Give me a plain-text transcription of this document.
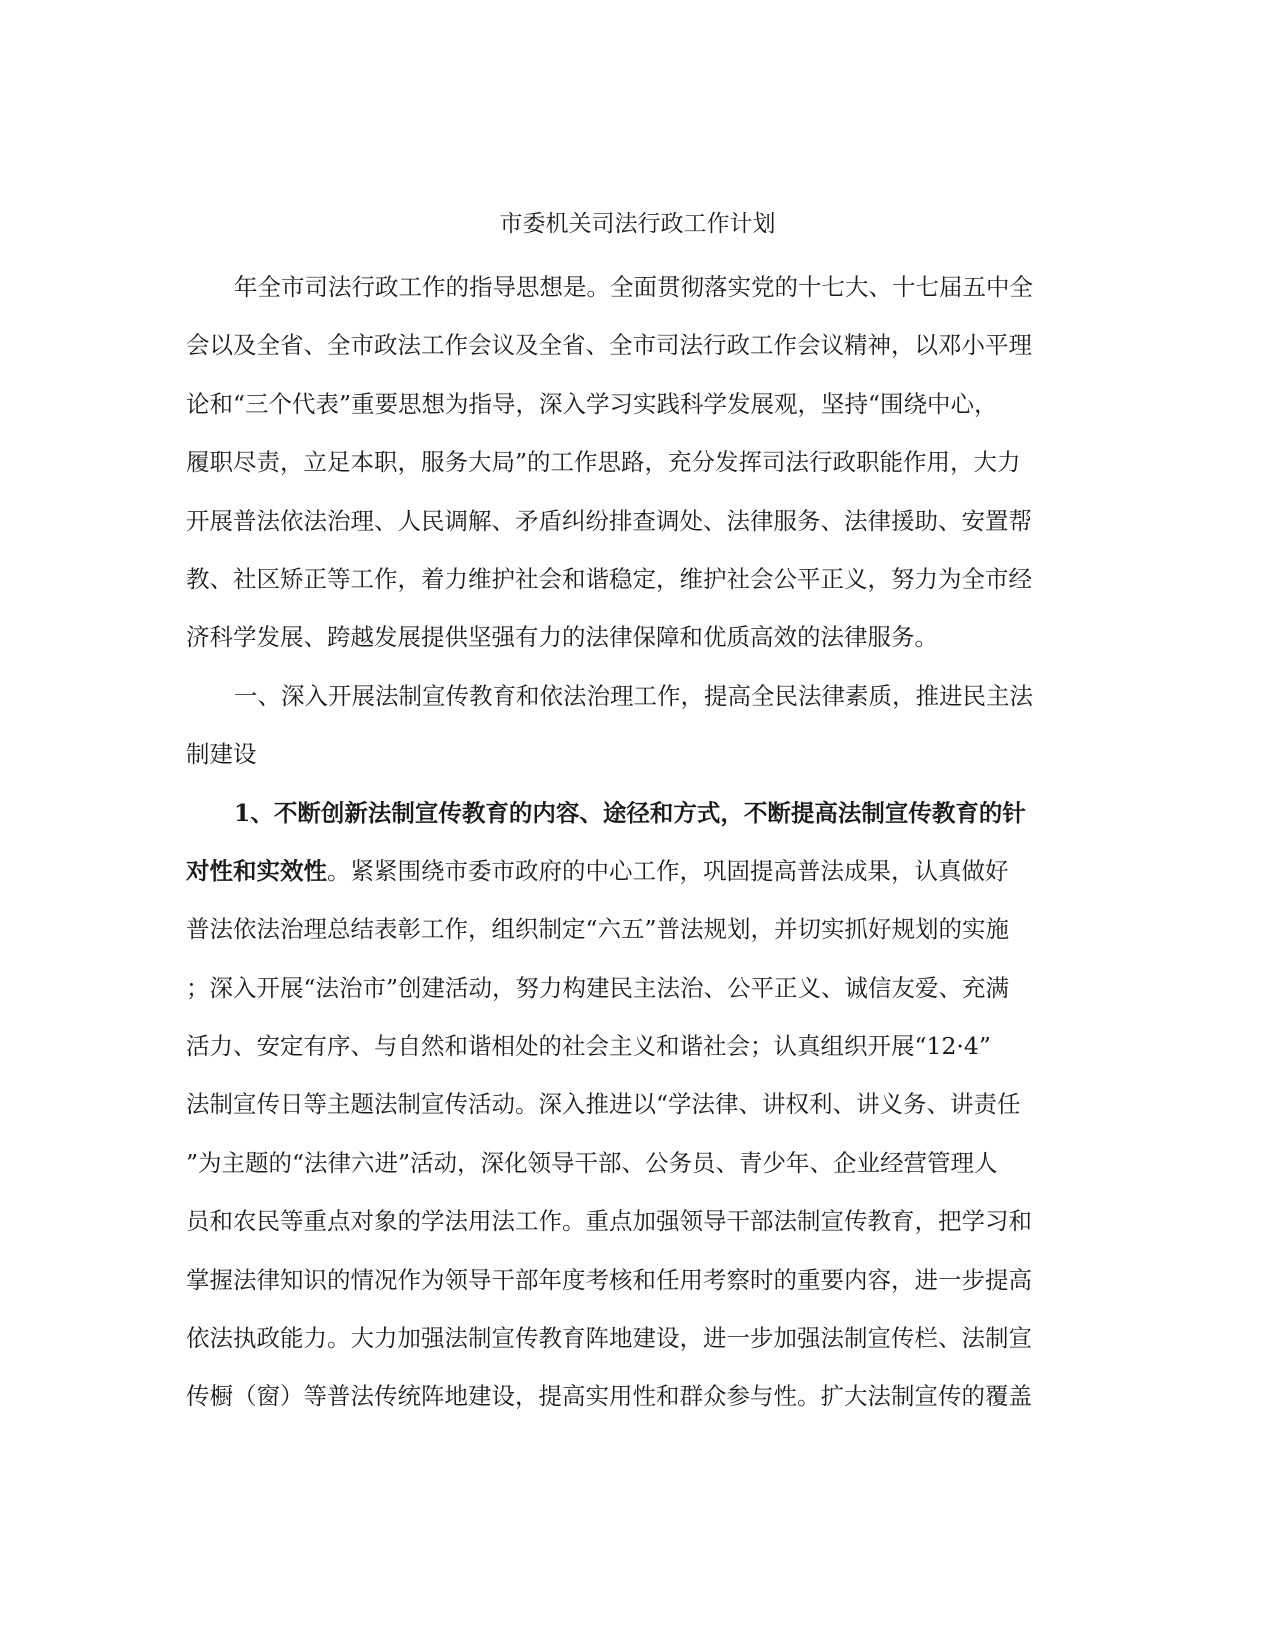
市委机关司法行政工作计划
年全市司法行政工作的指导思想是。全面贯彻落实党的十七大、十七届五中全
会以及全省、全市政法工作会议及全省、全市司法行政工作会议精神，以邓小平理
论和“三个代表”重要思想为指导，深入学习实践科学发展观，坚持“围绕中心，
履职尽责，立足本职，服务大局”的工作思路，充分发挥司法行政职能作用，大力
开展普法依法治理、人民调解、矛盾纠纷排查调处、法律服务、法律援助、安置帮
教、社区矫正等工作，着力维护社会和谐稳定，维护社会公平正义，努力为全市经
济科学发展、跨越发展提供坚强有力的法律保障和优质高效的法律服务。
一、深入开展法制宣传教育和依法治理工作，提高全民法律素质，推进民主法
制建设
1、不断创新法制宣传教育的内容、途径和方式，不断提高法制宣传教育的针
对性和实效性。紧紧围绕市委市政府的中心工作，巩固提高普法成果，认真做好
普法依法治理总结表彰工作，组织制定“六五”普法规划，并切实抓好规划的实施
；深入开展“法治市”创建活动，努力构建民主法治、公平正义、诚信友爱、充满
活力、安定有序、与自然和谐相处的社会主义和谐社会；认真组织开展“12·4”
法制宣传日等主题法制宣传活动。深入推进以“学法律、讲权利、讲义务、讲责任
”为主题的“法律六进”活动，深化领导干部、公务员、青少年、企业经营管理人
员和农民等重点对象的学法用法工作。重点加强领导干部法制宣传教育，把学习和
掌握法律知识的情况作为领导干部年度考核和任用考察时的重要内容，进一步提高
依法执政能力。大力加强法制宣传教育阵地建设，进一步加强法制宣传栏、法制宣
传橱（窗）等普法传统阵地建设，提高实用性和群众参与性。扩大法制宣传的覆盖
